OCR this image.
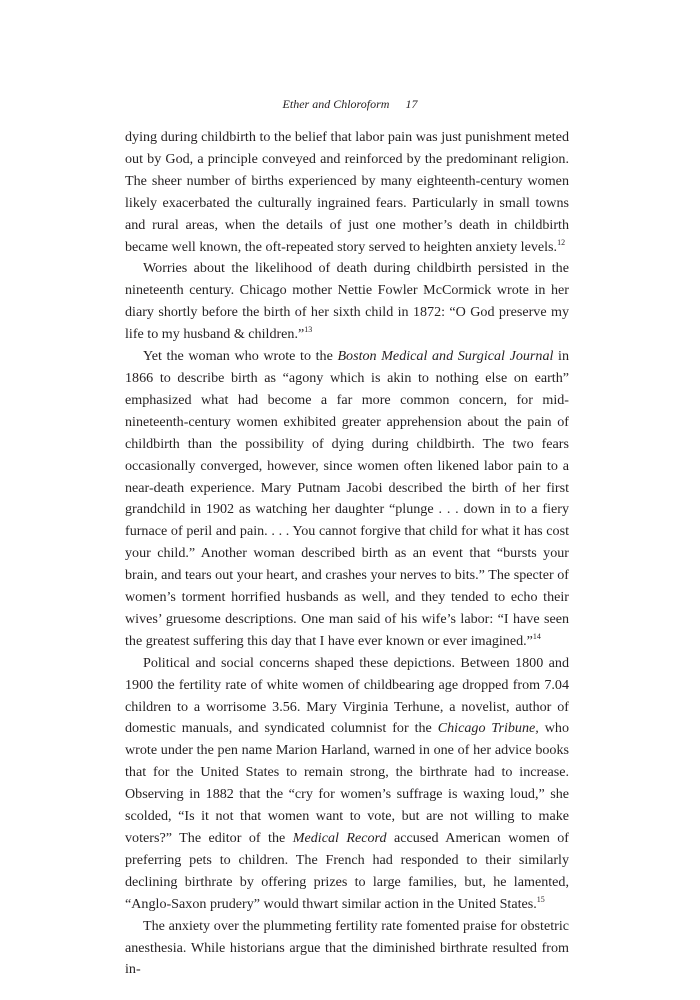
Ether and Chloroform 17

dying during childbirth to the belief that labor pain was just punishment meted out by God, a principle conveyed and reinforced by the predominant religion. The sheer number of births experienced by many eighteenth-century women likely exacerbated the culturally ingrained fears. Particularly in small towns and rural areas, when the details of just one mother’s death in childbirth became well known, the oft-repeated story served to heighten anxiety levels.$^{12}$

Worries about the likelihood of death during childbirth persisted in the nineteenth century. Chicago mother Nettie Fowler McCormick wrote in her diary shortly before the birth of her sixth child in 1872: “O God preserve my life to my husband & children.”$^{13}$

Yet the woman who wrote to the Boston Medical and Surgical Journal in 1866 to describe birth as “agony which is akin to nothing else on earth” emphasized what had become a far more common concern, for mid-nineteenth-century women exhibited greater apprehension about the pain of childbirth than the possibility of dying during childbirth. The two fears occasionally converged, however, since women often likened labor pain to a near-death experience. Mary Putnam Jacobi described the birth of her first grandchild in 1902 as watching her daughter “plunge . . . down in to a fiery furnace of peril and pain. . . . You cannot forgive that child for what it has cost your child.” Another woman described birth as an event that “bursts your brain, and tears out your heart, and crashes your nerves to bits.” The specter of women’s torment horrified husbands as well, and they tended to echo their wives’ gruesome descriptions. One man said of his wife’s labor: “I have seen the greatest suffering this day that I have ever known or ever imagined.”$^{14}$

Political and social concerns shaped these depictions. Between 1800 and 1900 the fertility rate of white women of childbearing age dropped from 7.04 children to a worrisome 3.56. Mary Virginia Terhune, a novelist, author of domestic manuals, and syndicated columnist for the Chicago Tribune, who wrote under the pen name Marion Harland, warned in one of her advice books that for the United States to remain strong, the birthrate had to increase. Observing in 1882 that the “cry for women’s suffrage is waxing loud,” she scolded, “Is it not that women want to vote, but are not willing to make voters?” The editor of the Medical Record accused American women of preferring pets to children. The French had responded to their similarly declining birthrate by offering prizes to large families, but, he lamented, “Anglo-Saxon prudery” would thwart similar action in the United States.$^{15}$

The anxiety over the plummeting fertility rate fomented praise for obstetric anesthesia. While historians argue that the diminished birthrate resulted from in-
